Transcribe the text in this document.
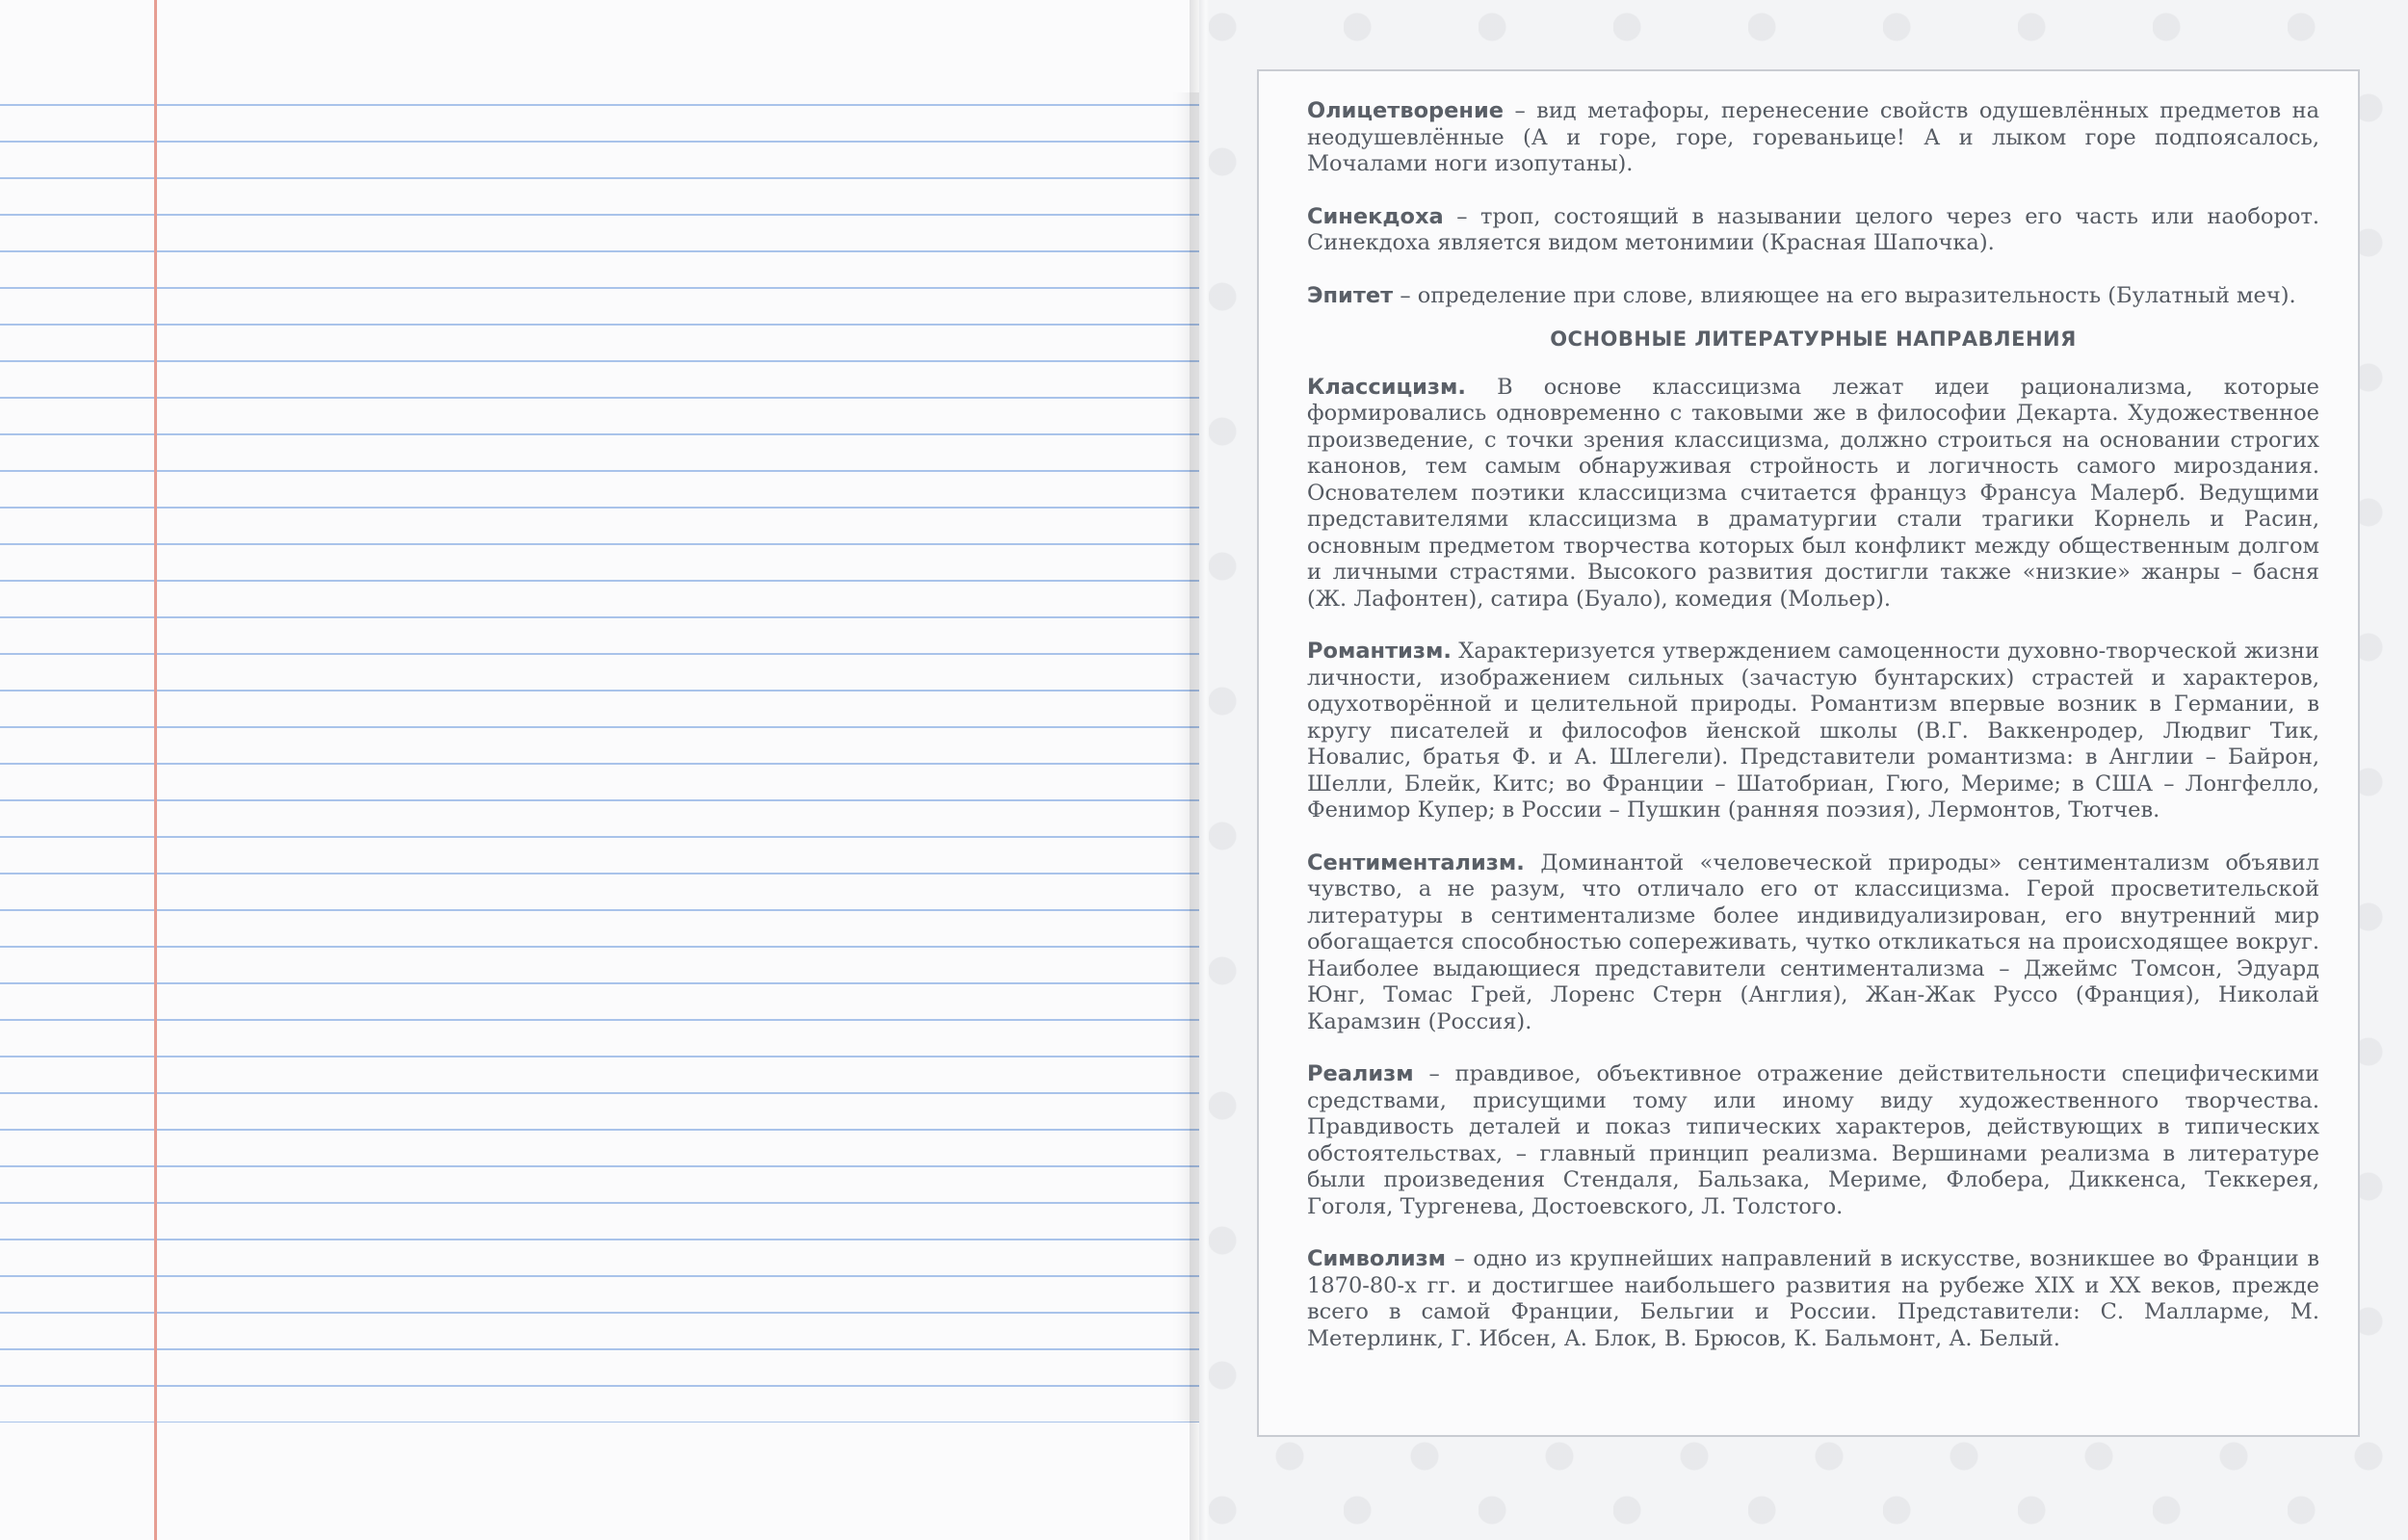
Олицетворение – вид метафоры, перенесение свойств одушевлённых предметов на неодушевлённые (А и горе, горе, гореваньице! А и лыком горе подпоясалось, Мочалами ноги изопутаны).

Синекдоха – троп, состоящий в назывании целого через его часть или наоборот. Синекдоха является видом метонимии (Красная Шапочка).

Эпитет – определение при слове, влияющее на его выразительность (Булатный меч).

ОСНОВНЫЕ ЛИТЕРАТУРНЫЕ НАПРАВЛЕНИЯ

Классицизм. В основе классицизма лежат идеи рационализма, которые формировались одновременно с таковыми же в философии Декарта. Художественное произведение, с точки зрения классицизма, должно строиться на основании строгих канонов, тем самым обнаруживая стройность и логичность самого мироздания. Основателем поэтики классицизма считается француз Франсуа Малерб. Ведущими представителями классицизма в драматургии стали трагики Корнель и Расин, основным предметом творчества которых был конфликт между общественным долгом и личными страстями. Высокого развития достигли также «низкие» жанры – басня (Ж. Лафонтен), сатира (Буало), комедия (Мольер).

Романтизм. Характеризуется утверждением самоценности духовно-творческой жизни личности, изображением сильных (зачастую бунтарских) страстей и характеров, одухотворённой и целительной природы. Романтизм впервые возник в Германии, в кругу писателей и философов йенской школы (В.Г. Ваккенродер, Людвиг Тик, Новалис, братья Ф. и А. Шлегели). Представители романтизма: в Англии – Байрон, Шелли, Блейк, Китс; во Франции – Шатобриан, Гюго, Мериме; в США – Лонгфелло, Фенимор Купер; в России – Пушкин (ранняя поэзия), Лермонтов, Тютчев.

Сентиментализм. Доминантой «человеческой природы» сентиментализм объявил чувство, а не разум, что отличало его от классицизма. Герой просветительской литературы в сентиментализме более индивидуализирован, его внутренний мир обогащается способностью сопереживать, чутко откликаться на происходящее вокруг. Наиболее выдающиеся представители сентиментализма – Джеймс Томсон, Эдуард Юнг, Томас Грей, Лоренс Стерн (Англия), Жан-Жак Руссо (Франция), Николай Карамзин (Россия).

Реализм – правдивое, объективное отражение действительности специфическими средствами, присущими тому или иному виду художественного творчества. Правдивость деталей и показ типических характеров, действующих в типических обстоятельствах, – главный принцип реализма. Вершинами реализма в литературе были произведения Стендаля, Бальзака, Мериме, Флобера, Диккенса, Теккерея, Гоголя, Тургенева, Достоевского, Л. Толстого.

Символизм – одно из крупнейших направлений в искусстве, возникшее во Франции в 1870-80-х гг. и достигшее наибольшего развития на рубеже XIX и XX веков, прежде всего в самой Франции, Бельгии и России. Представители: С. Малларме, М. Метерлинк, Г. Ибсен, А. Блок, В. Брюсов, К. Бальмонт, А. Белый.
